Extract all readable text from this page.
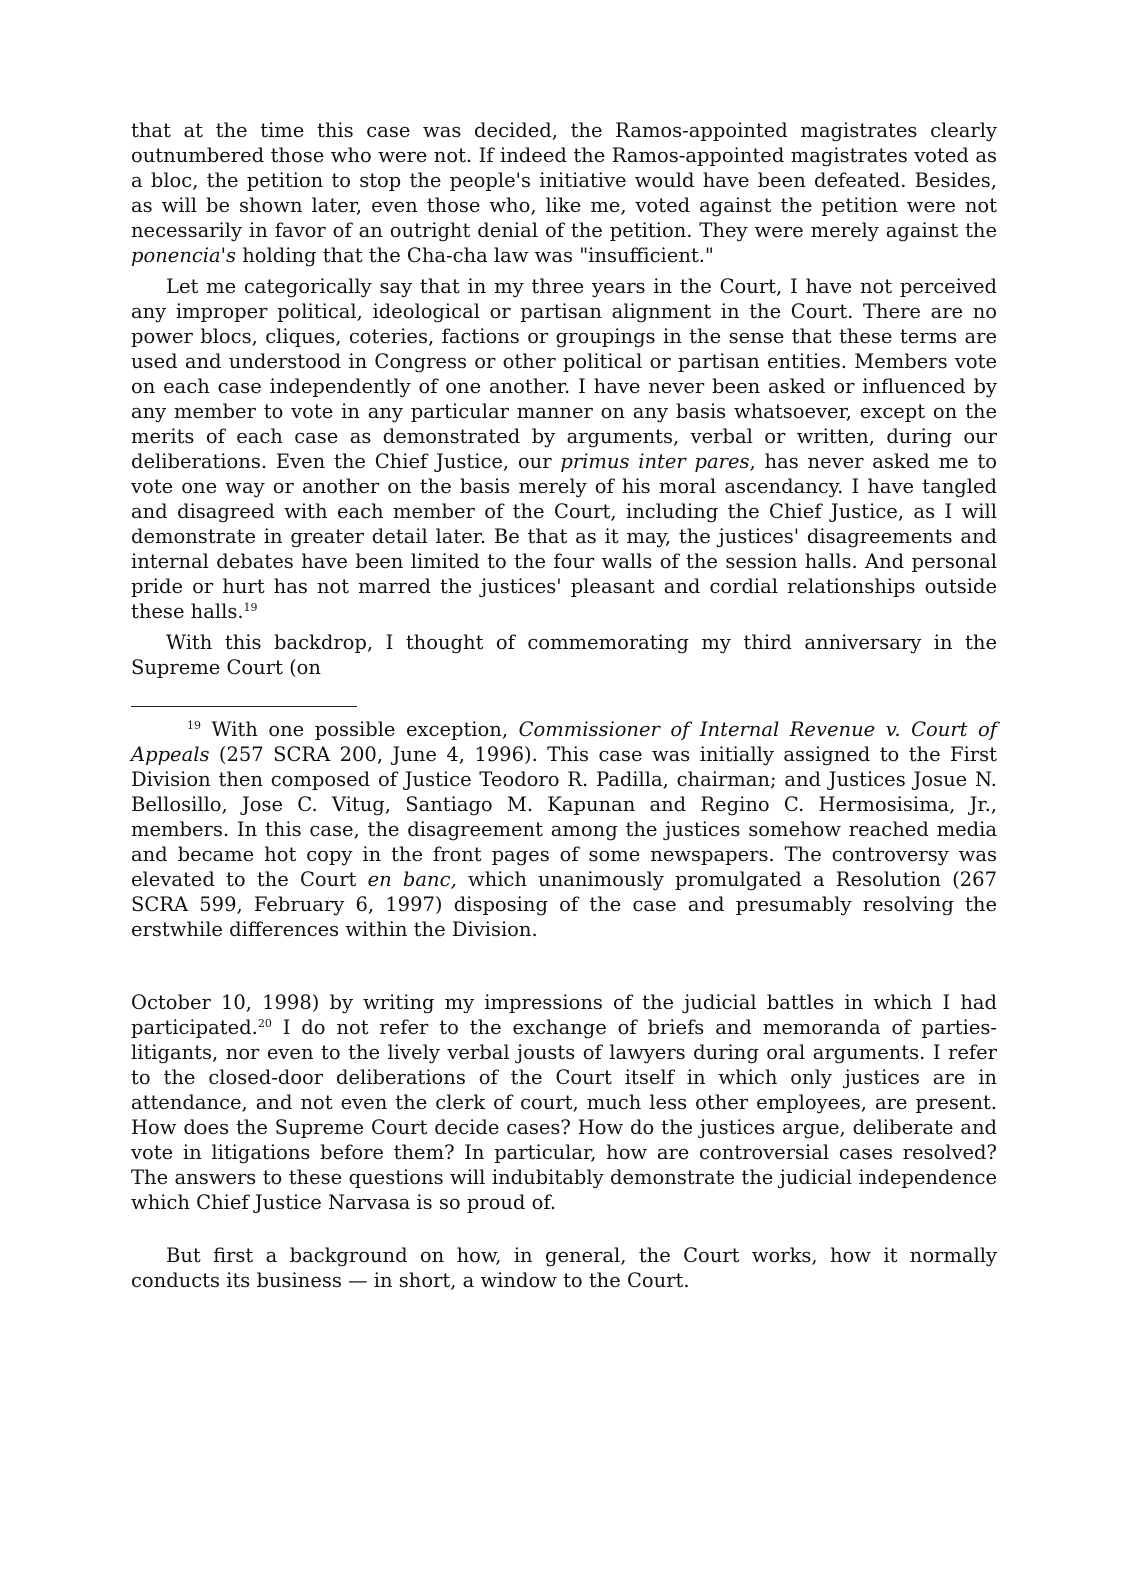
that at the time this case was decided, the Ramos-appointed magistrates clearly outnumbered those who were not. If indeed the Ramos-appointed magistrates voted as a bloc, the petition to stop the people's initiative would have been defeated. Besides, as will be shown later, even those who, like me, voted against the petition were not necessarily in favor of an outright denial of the petition. They were merely against the ponencia's holding that the Cha-cha law was "insufficient."

Let me categorically say that in my three years in the Court, I have not perceived any improper political, ideological or partisan alignment in the Court. There are no power blocs, cliques, coteries, factions or groupings in the sense that these terms are used and understood in Congress or other political or partisan entities. Members vote on each case independently of one another. I have never been asked or influenced by any member to vote in any particular manner on any basis whatsoever, except on the merits of each case as demonstrated by arguments, verbal or written, during our deliberations. Even the Chief Justice, our primus inter pares, has never asked me to vote one way or another on the basis merely of his moral ascendancy. I have tangled and disagreed with each member of the Court, including the Chief Justice, as I will demonstrate in greater detail later. Be that as it may, the justices' disagreements and internal debates have been limited to the four walls of the session halls. And personal pride or hurt has not marred the justices' pleasant and cordial relationships outside these halls.$^{19}$

With this backdrop, I thought of commemorating my third anniversary in the Supreme Court (on

$^{19}$ With one possible exception, Commissioner of Internal Revenue v. Court of Appeals (257 SCRA 200, June 4, 1996). This case was initially assigned to the First Division then composed of Justice Teodoro R. Padilla, chairman; and Justices Josue N. Bellosillo, Jose C. Vitug, Santiago M. Kapunan and Regino C. Hermosisima, Jr., members. In this case, the disagreement among the justices somehow reached media and became hot copy in the front pages of some newspapers. The controversy was elevated to the Court en banc, which unanimously promulgated a Resolution (267 SCRA 599, February 6, 1997) disposing of the case and presumably resolving the erstwhile differences within the Division.

October 10, 1998) by writing my impressions of the judicial battles in which I had participated.$^{20}$ I do not refer to the exchange of briefs and memoranda of parties-litigants, nor even to the lively verbal jousts of lawyers during oral arguments. I refer to the closed-door deliberations of the Court itself in which only justices are in attendance, and not even the clerk of court, much less other employees, are present. How does the Supreme Court decide cases? How do the justices argue, deliberate and vote in litigations before them? In particular, how are controversial cases resolved? The answers to these questions will indubitably demonstrate the judicial independence which Chief Justice Narvasa is so proud of.

But first a background on how, in general, the Court works, how it normally conducts its business — in short, a window to the Court.
